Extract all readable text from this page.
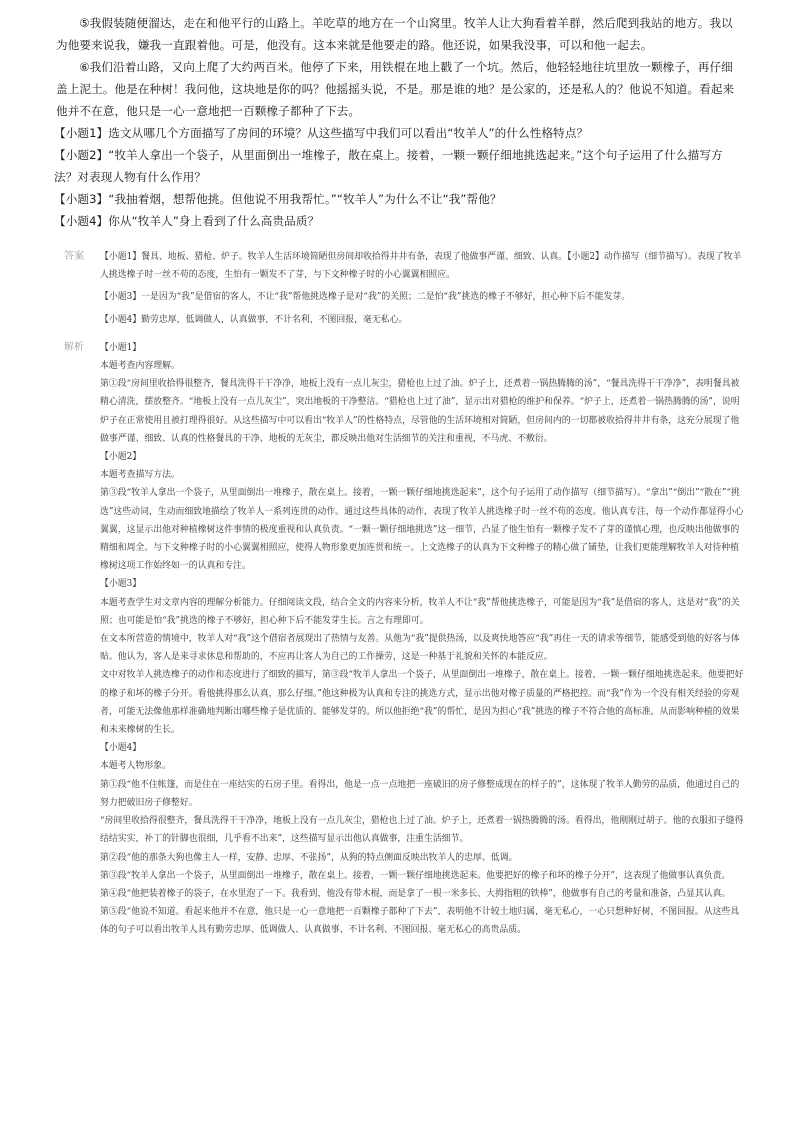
⑤我假装随便溜达，走在和他平行的山路上。羊吃草的地方在一个山窝里。牧羊人让大狗看着羊群，然后爬到我站的地方。我以为他要来说我，嫌我一直跟着他。可是，他没有。这本来就是他要走的路。他还说，如果我没事，可以和他一起去。

⑥我们沿着山路，又向上爬了大约两百米。他停了下来，用铁棍在地上戳了一个坑。然后，他轻轻地往坑里放一颗橡子，再仔细盖上泥土。他是在种树！我问他，这块地是你的吗？他摇摇头说，不是。那是谁的地？是公家的，还是私人的？他说不知道。看起来他并不在意，他只是一心一意地把一百颗橡子都种了下去。

【小题1】选文从哪几个方面描写了房间的环境？从这些描写中我们可以看出“牧羊人”的什么性格特点？

【小题2】“牧羊人拿出一个袋子，从里面倒出一堆橡子，散在桌上。接着，一颗一颗仔细地挑选起来。”这个句子运用了什么描写方法？对表现人物有什么作用？

【小题3】“我抽着烟，想帮他挑。但他说不用我帮忙。”“牧羊人”为什么不让“我”帮他？

【小题4】你从“牧羊人”身上看到了什么高贵品质？

答案	【小题1】餐具、地板、猎枪、炉子。牧羊人生活环境简陋但房间却收拾得井井有条，表现了他做事严谨、细致、认真。【小题2】动作描写（细节描写）。表现了牧羊人挑选橡子时一丝不苟的态度，生怕有一颗发不了芽，与下文种橡子时的小心翼翼相照应。

【小题3】一是因为“我”是借宿的客人，不让“我”帮他挑选橡子是对“我”的关照；二是怕“我”挑选的橡子不够好，担心种下后不能发芽。

【小题4】勤劳忠厚，低调做人，认真做事，不计名利，不图回报，毫无私心。

解析	【小题1】

本题考查内容理解。

第①段“房间里收拾得很整齐，餐具洗得干干净净，地板上没有一点儿灰尘，猎枪也上过了油。炉子上，还煮着一锅热腾腾的汤”，“餐具洗得干干净净”，表明餐具被精心清洗，摆放整齐。“地板上没有一点儿灰尘”，突出地板的干净整洁。“猎枪也上过了油”，显示出对猎枪的维护和保养。“炉子上，还煮着一锅热腾腾的汤”，说明炉子在正常使用且被打理得很好。从这些描写中可以看出“牧羊人”的性格特点，尽管他的生活环境相对简陋，但房间内的一切都被收拾得井井有条，这充分展现了他做事严谨、细致、认真的性格餐具的干净、地板的无灰尘，都反映出他对生活细节的关注和重视，不马虎、不敷衍。

【小题2】

本题考查描写方法。

第③段“牧羊人拿出一个袋子，从里面倒出一堆橡子，散在桌上。接着，一颗一颗仔细地挑选起来”，这个句子运用了动作描写（细节描写）。“拿出”“倒出”“散在”“挑选”这些动词，生动而细致地描绘了牧羊人一系列连贯的动作。通过这些具体的动作，表现了牧羊人挑选橡子时一丝不苟的态度。他认真专注，每一个动作都显得小心翼翼，这显示出他对种植橡树这件事情的极度重视和认真负责。“一颗一颗仔细地挑选”这一细节，凸显了他生怕有一颗橡子发不了芽的谨慎心理，也反映出他做事的精细和周全。与下文种橡子时的小心翼翼相照应，使得人物形象更加连贯和统一。上文选橡子的认真为下文种橡子的精心做了铺垫，让我们更能理解牧羊人对待种植橡树这项工作始终如一的认真和专注。

【小题3】

本题考查学生对文章内容的理解分析能力。仔细阅读文段，结合全文的内容来分析，牧羊人不让“我”帮他挑选橡子，可能是因为“我”是借宿的客人，这是对“我”的关照；也可能是怕“我”挑选的橡子不够好，担心种下后不能发芽生长。言之有理即可。

在文本所营造的情境中，牧羊人对“我”这个借宿者展现出了热情与友善。从他为“我”提供热汤，以及爽快地答应“我”再住一天的请求等细节，能感受到他的好客与体贴。他认为，客人是来寻求休息和帮助的，不应再让客人为自己的工作操劳，这是一种基于礼貌和关怀的本能反应。

文中对牧羊人挑选橡子的动作和态度进行了细致的描写，第③段“牧羊人拿出一个袋子，从里面倒出一堆橡子，散在桌上。接着，一颗一颗仔细地挑选起来。他要把好的橡子和坏的橡子分开。看他挑得那么认真，那么仔细。”他这种极为认真和专注的挑选方式，显示出他对橡子质量的严格把控。而“我”作为一个没有相关经验的旁观者，可能无法像他那样准确地判断出哪些橡子是优质的、能够发芽的。所以他拒绝“我”的帮忙，是因为担心“我”挑选的橡子不符合他的高标准，从而影响种植的效果和未来橡树的生长。

【小题4】

本题考人物形象。

第①段“他不住帐篷，而是住在一座结实的石房子里。看得出，他是一点一点地把一座破旧的房子修整成现在的样子的”，这体现了牧羊人勤劳的品质，他通过自己的努力把破旧房子修整好。

“房间里收拾得很整齐，餐具洗得干干净净，地板上没有一点儿灰尘，猎枪也上过了油。炉子上，还煮着一锅热腾腾的汤。看得出，他刚刚过胡子。他的衣服扣子缝得结结实实，补丁的针脚也很细，几乎看不出来”，这些描写显示出他认真做事，注重生活细节。

第②段“他的那条大狗也像主人一样，安静、忠厚、不张扬”，从狗的特点侧面反映出牧羊人的忠厚、低调。

第③段“牧羊人拿出一个袋子，从里面倒出一堆橡子，散在桌上。接着，一颗一颗仔细地挑选起来。他要把好的橡子和坏的橡子分开”，这表现了他做事认真负责。

第④段“他把装着橡子的袋子，在水里泡了一下。我看到，他没有带木棍，而是拿了一根一米多长、大拇指粗的铁棒”，他做事有自己的考量和准备，凸显其认真。

第⑤段“他说不知道。看起来他并不在意，他只是一心一意地把一百颗橡子都种了下去”，表明他不计较土地归属，毫无私心，一心只想种好树，不图回报。从这些具体的句子可以看出牧羊人具有勤劳忠厚、低调做人、认真做事、不计名利、不图回报、毫无私心的高贵品质。
